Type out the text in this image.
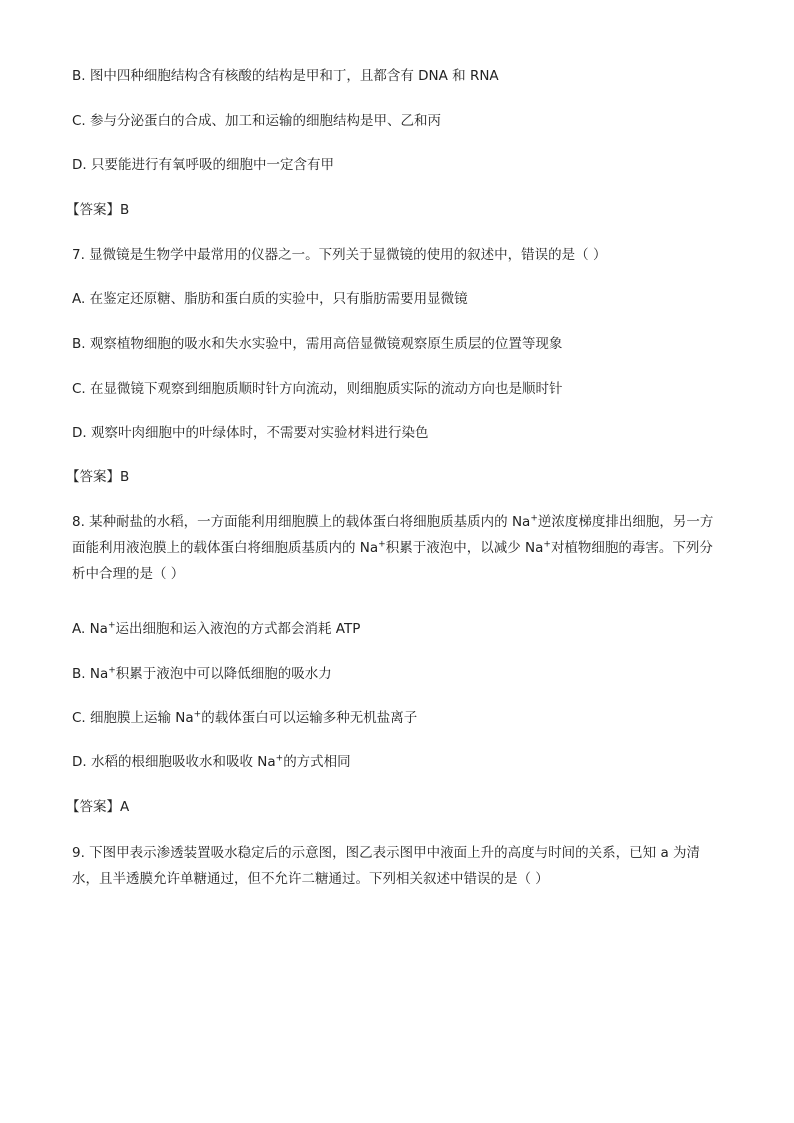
B. 图中四种细胞结构含有核酸的结构是甲和丁，且都含有 DNA 和 RNA
C. 参与分泌蛋白的合成、加工和运输的细胞结构是甲、乙和丙
D. 只要能进行有氧呼吸的细胞中一定含有甲
【答案】B
7. 显微镜是生物学中最常用的仪器之一。下列关于显微镜的使用的叙述中，错误的是（ ）
A. 在鉴定还原糖、脂肪和蛋白质的实验中，只有脂肪需要用显微镜
B. 观察植物细胞的吸水和失水实验中，需用高倍显微镜观察原生质层的位置等现象
C. 在显微镜下观察到细胞质顺时针方向流动，则细胞质实际的流动方向也是顺时针
D. 观察叶肉细胞中的叶绿体时，不需要对实验材料进行染色
【答案】B
8. 某种耐盐的水稻，一方面能利用细胞膜上的载体蛋白将细胞质基质内的 Na+逆浓度梯度排出细胞，另一方面能利用液泡膜上的载体蛋白将细胞质基质内的 Na+积累于液泡中，以减少 Na+对植物细胞的毒害。下列分析中合理的是（ ）
A. Na+运出细胞和运入液泡的方式都会消耗 ATP
B. Na+积累于液泡中可以降低细胞的吸水力
C. 细胞膜上运输 Na+的载体蛋白可以运输多种无机盐离子
D. 水稻的根细胞吸收水和吸收 Na+的方式相同
【答案】A
9. 下图甲表示渗透装置吸水稳定后的示意图，图乙表示图甲中液面上升的高度与时间的关系，已知 a 为清水，且半透膜允许单糖通过，但不允许二糖通过。下列相关叙述中错误的是（ ）
